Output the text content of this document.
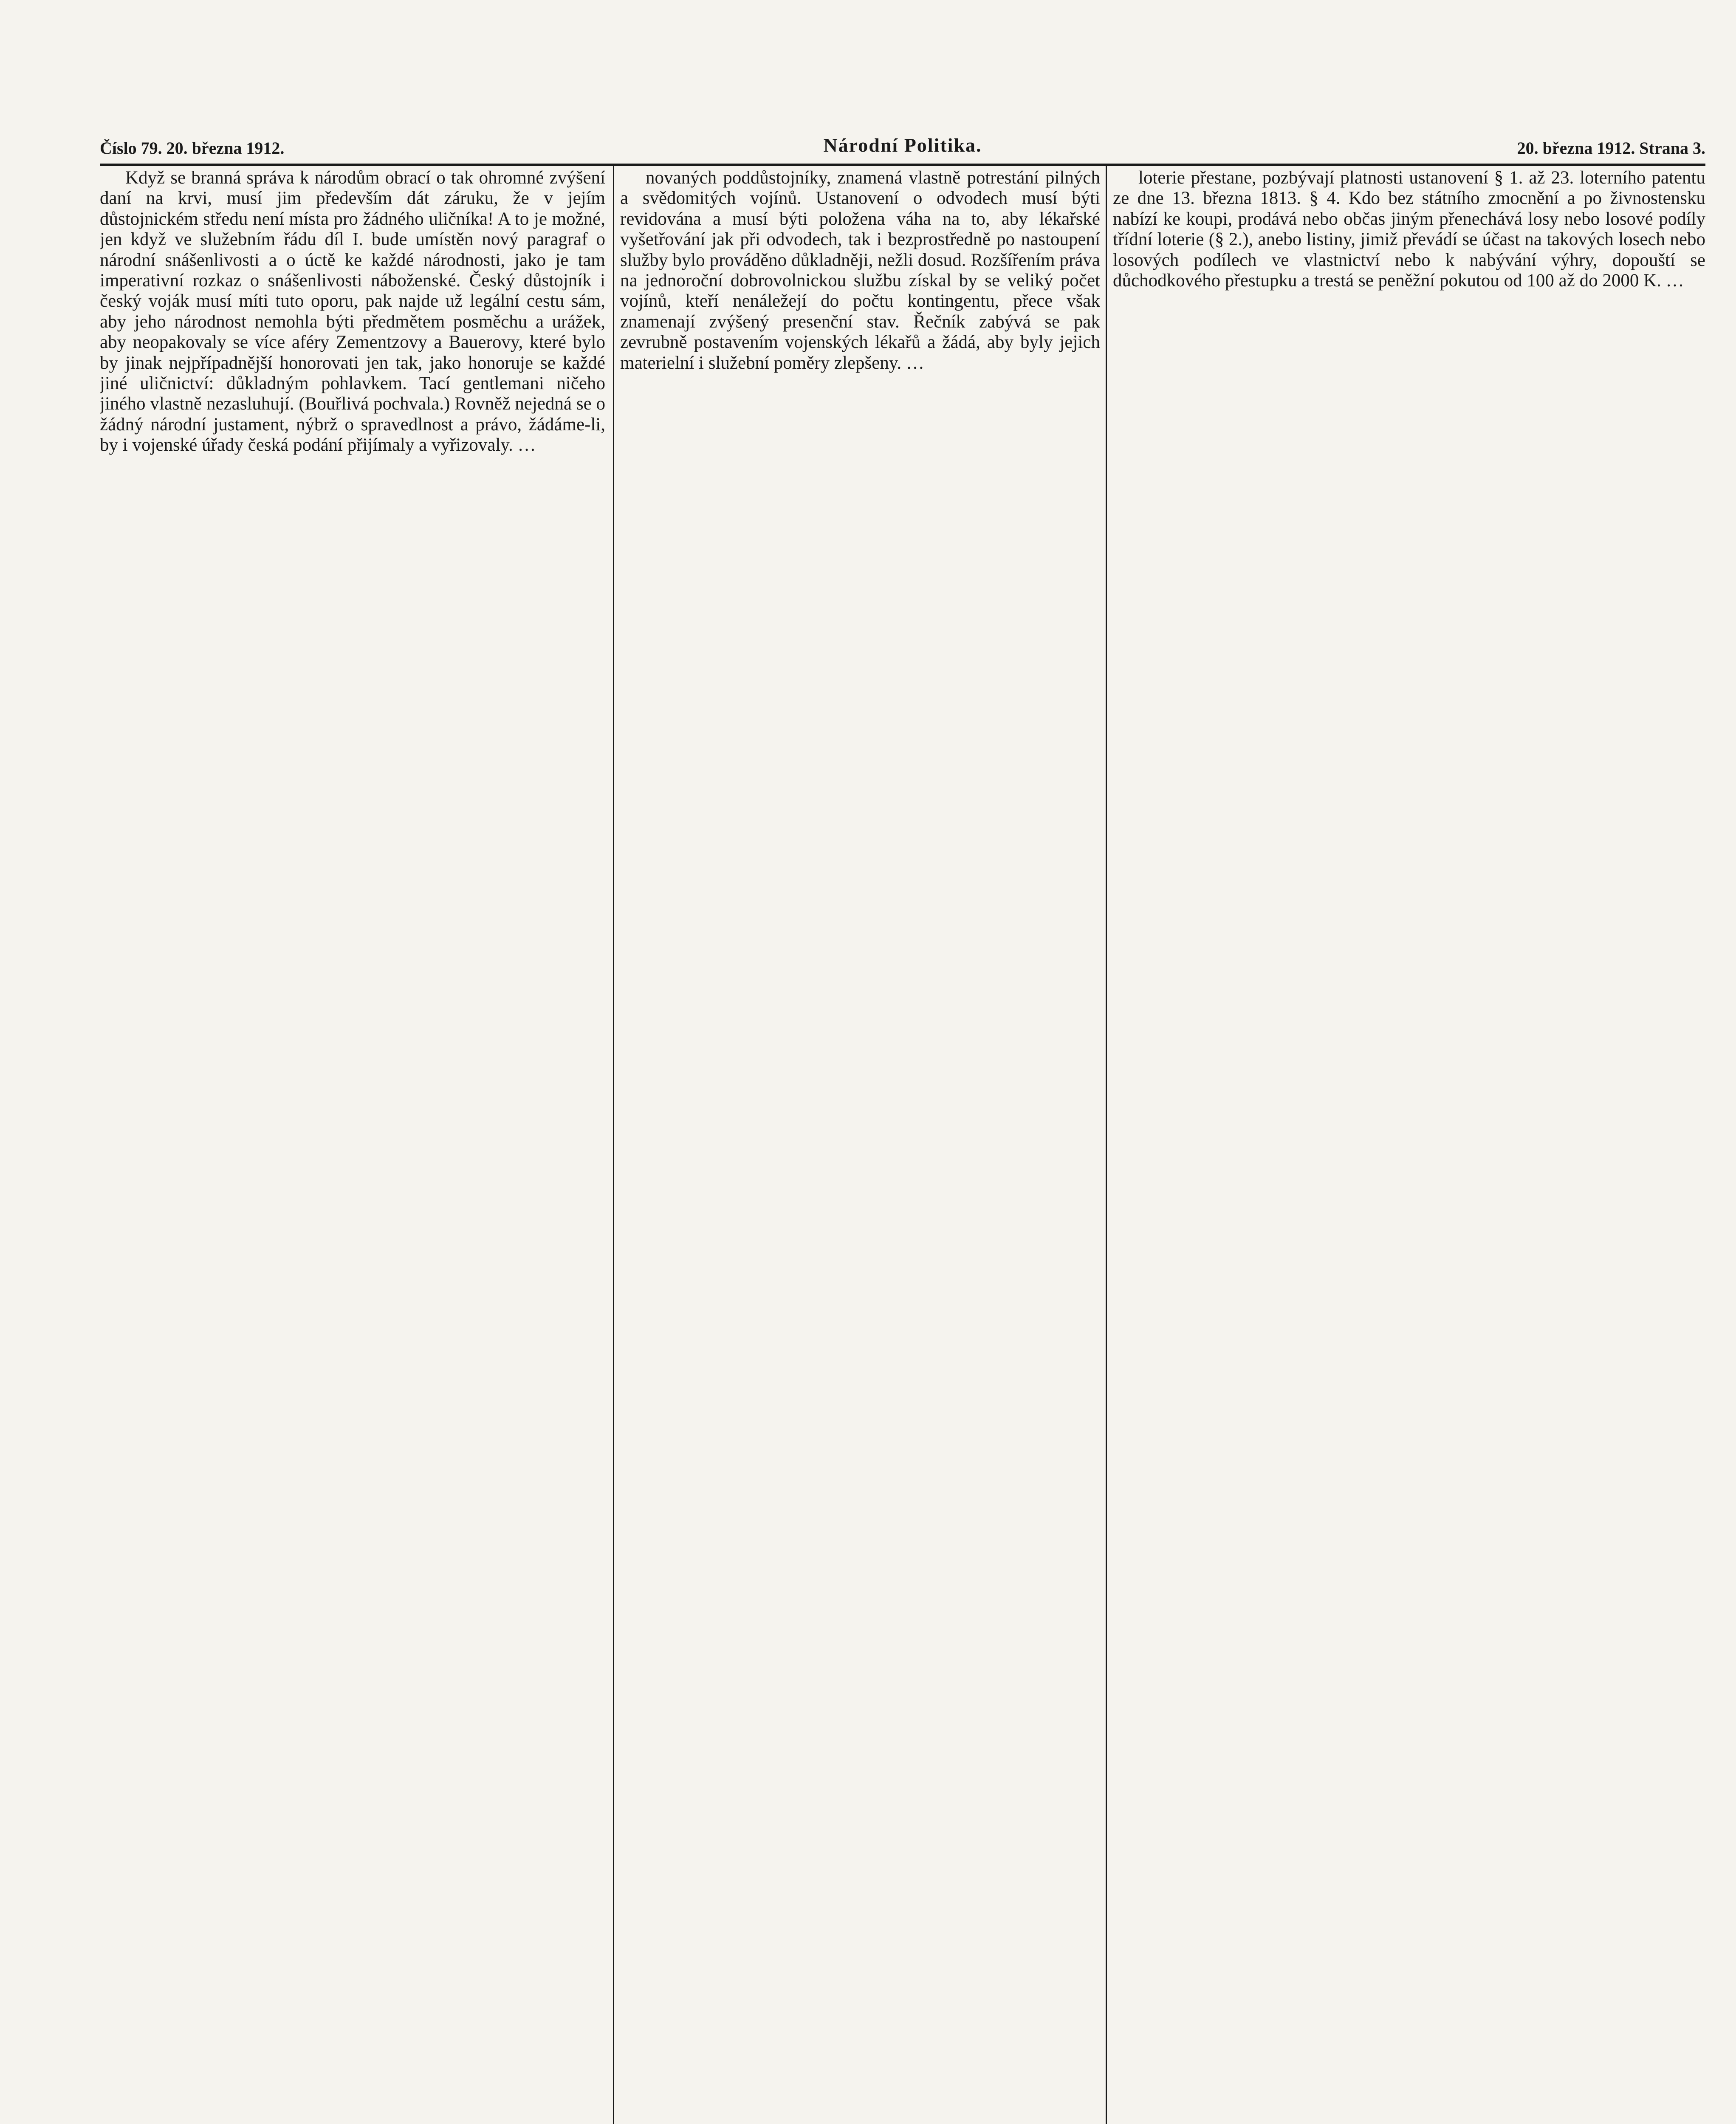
Číslo 79. 20. března 1912.	Národní Politika.	20. března 1912. Strana 3.

Když se branná správa k národům obrací o tak ohromné zvýšení daní na krvi, musí jim především dát záruku, že v jejím důstojnickém středu není místa pro žádného uličníka! A to je možné, jen když ve služebním řádu díl I. bude umístěn nový paragraf o národní snášenlivosti a o úctě ke každé národnosti, jako je tam imperativní rozkaz o snášenlivosti náboženské. Český důstojník i český voják musí míti tuto oporu, pak najde už legální cestu sám, aby jeho národnost nemohla býti předmětem posměchu a urážek, aby neopakovaly se více aféry Zementzovy a Bauerovy, které bylo by jinak nejpřípadnější honorovati jen tak, jako honoruje se každé jiné uličnictví: důkladným pohlavkem. Tací gentlemani ničeho jiného vlastně nezasluhují. (Bouřlivá pochvala.) Rovněž nejedná se o žádný národní justament, nýbrž o spravedlnost a právo, žádáme-li, by i vojenské úřady česká podání přijímaly a vyřizovaly. …

novaných poddůstojníky, znamená vlastně potrestání pilných a svědomitých vojínů. Ustanovení o odvodech musí býti revidována a musí býti položena váha na to, aby lékařské vyšetřování jak při odvodech, tak i bezprostředně po nastoupení služby bylo prováděno důkladněji, nežli dosud. Rozšířením práva na jednoroční dobrovolnickou službu získal by se veliký počet vojínů, kteří nenáležejí do počtu kontingentu, přece však znamenají zvýšený presenční stav. Řečník zabývá se pak zevrubně postavením vojenských lékařů a žádá, aby byly jejich materielní i služební poměry zlepšeny. …

loterie přestane, pozbývají platnosti ustanovení § 1. až 23. loterního patentu ze dne 13. března 1813. § 4. Kdo bez státního zmocnění a po živnostensku nabízí ke koupi, prodává nebo občas jiným přenechává losy nebo losové podíly třídní loterie (§ 2.), anebo listiny, jimiž převádí se účast na takových losech nebo losových podílech ve vlastnictví nebo k nabývání výhry, dopouští se důchodkového přestupku a trestá se peněžní pokutou od 100 až do 2000 K. …
